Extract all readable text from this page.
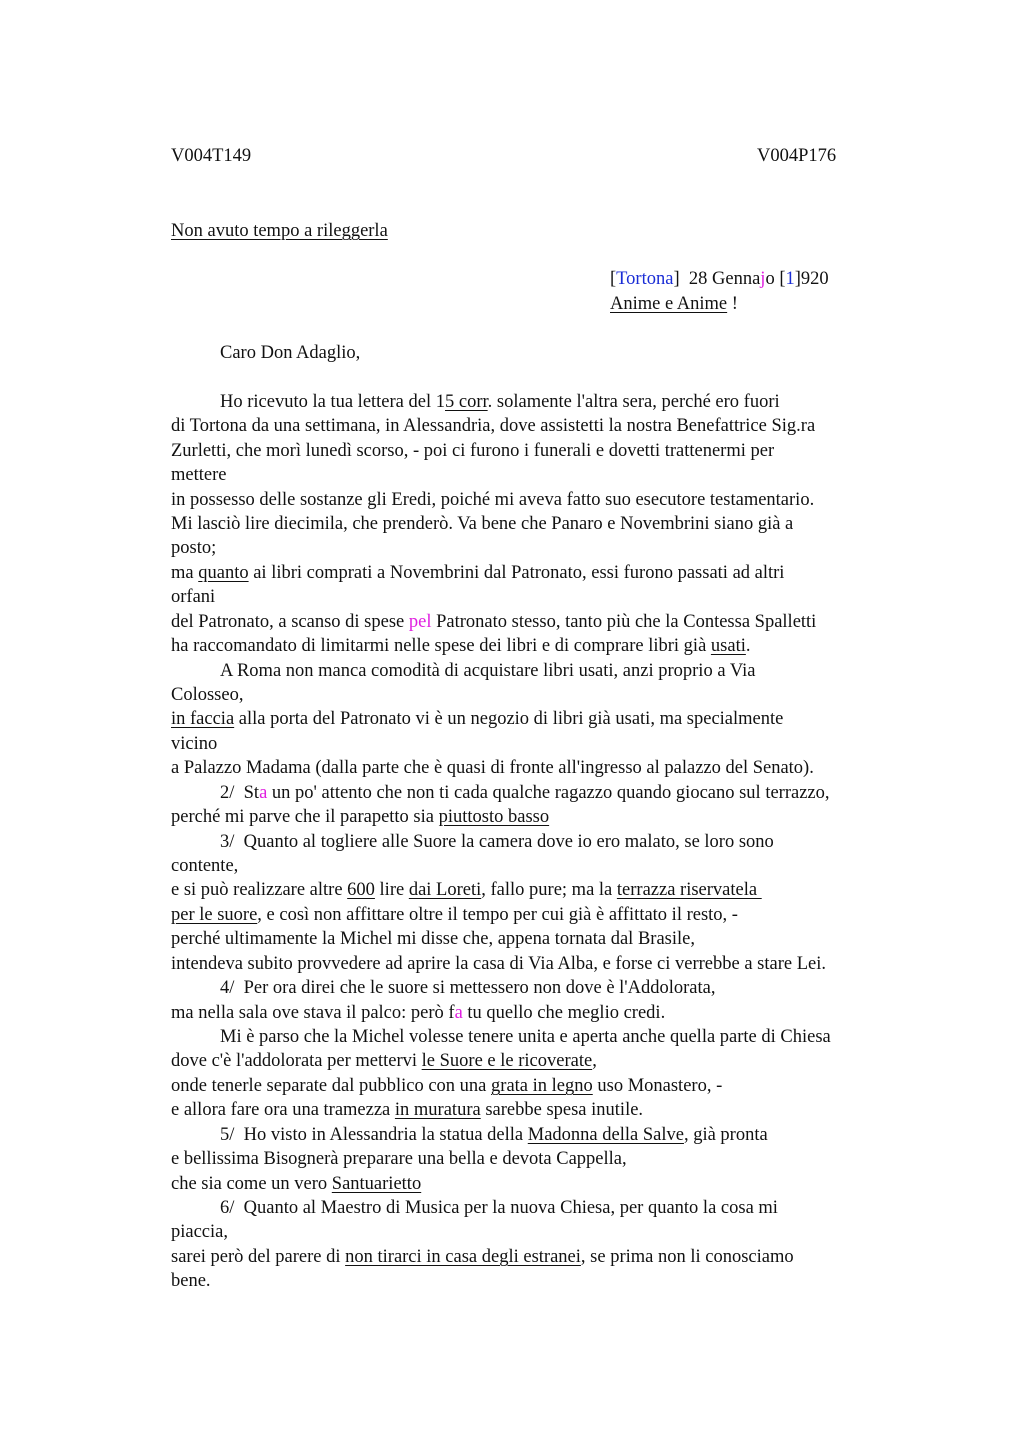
V004T149	V004P176
Non avuto tempo a rileggerla
[Tortona]  28 Gennajo [1]920
Anime e Anime !
Caro Don Adaglio,
Ho ricevuto la tua lettera del 15 corr. solamente l'altra sera, perché ero fuori
di Tortona da una settimana, in Alessandria, dove assistetti la nostra Benefattrice Sig.ra
Zurletti, che morì lunedì scorso, - poi ci furono i funerali e dovetti trattenermi per
mettere
in possesso delle sostanze gli Eredi, poiché mi aveva fatto suo esecutore testamentario.
Mi lasciò lire diecimila, che prenderò. Va bene che Panaro e Novembrini siano già a
posto;
ma quanto ai libri comprati a Novembrini dal Patronato, essi furono passati ad altri
orfani
del Patronato, a scanso di spese pel Patronato stesso, tanto più che la Contessa Spalletti
ha raccomandato di limitarmi nelle spese dei libri e di comprare libri già usati.
A Roma non manca comodità di acquistare libri usati, anzi proprio a Via
Colosseo,
in faccia alla porta del Patronato vi è un negozio di libri già usati, ma specialmente
vicino
a Palazzo Madama (dalla parte che è quasi di fronte all'ingresso al palazzo del Senato).
2/  Sta un po' attento che non ti cada qualche ragazzo quando giocano sul terrazzo,
perché mi parve che il parapetto sia piuttosto basso
3/  Quanto al togliere alle Suore la camera dove io ero malato, se loro sono
contente,
e si può realizzare altre 600 lire dai Loreti, fallo pure; ma la terrazza riservatela
per le suore, e così non affittare oltre il tempo per cui già è affittato il resto, -
perché ultimamente la Michel mi disse che, appena tornata dal Brasile,
intendeva subito provvedere ad aprire la casa di Via Alba, e forse ci verrebbe a stare Lei.
4/  Per ora direi che le suore si mettessero non dove è l'Addolorata,
ma nella sala ove stava il palco: però fa tu quello che meglio credi.
Mi è parso che la Michel volesse tenere unita e aperta anche quella parte di Chiesa
dove c'è l'addolorata per mettervi le Suore e le ricoverate,
onde tenerle separate dal pubblico con una grata in legno uso Monastero, -
e allora fare ora una tramezza in muratura sarebbe spesa inutile.
5/  Ho visto in Alessandria la statua della Madonna della Salve, già pronta
e bellissima Bisognerà preparare una bella e devota Cappella,
che sia come un vero Santuarietto
6/  Quanto al Maestro di Musica per la nuova Chiesa, per quanto la cosa mi
piaccia,
sarei però del parere di non tirarci in casa degli estranei, se prima non li conosciamo
bene.
